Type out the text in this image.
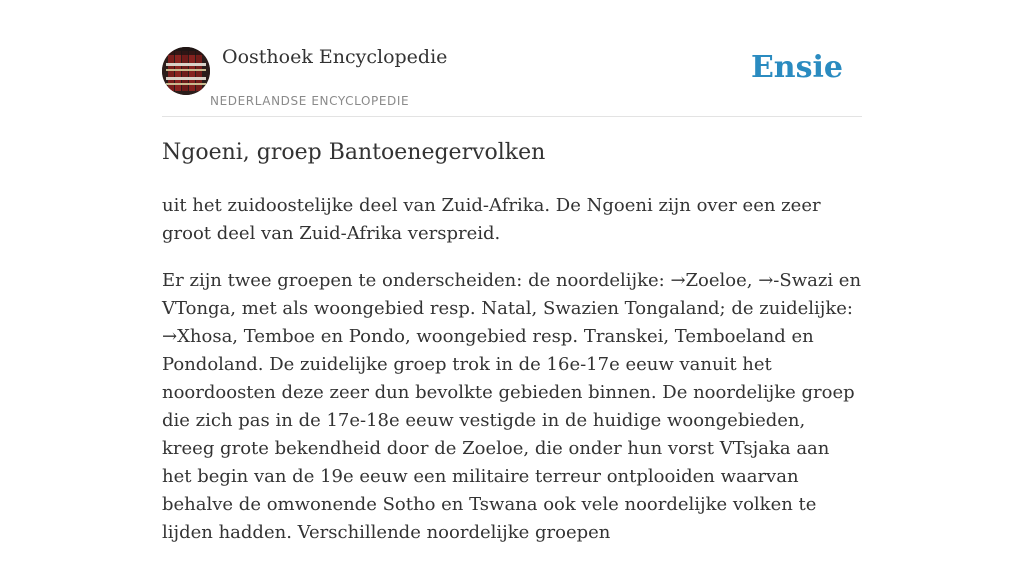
Oosthoek Encyclopedie
NEDERLANDSE ENCYCLOPEDIE
Ensie
Ngoeni, groep Bantoenegervolken

uit het zuidoostelijke deel van Zuid-Afrika. De Ngoeni zijn over een zeer groot deel van Zuid-Afrika verspreid.

Er zijn twee groepen te onderscheiden: de noordelijke: →Zoeloe, →-Swazi en VTonga, met als woongebied resp. Natal, Swazien Tongaland; de zuidelijke: →Xhosa, Temboe en Pondo, woongebied resp. Transkei, Temboeland en Pondoland. De zuidelijke groep trok in de 16e-17e eeuw vanuit het noordoosten deze zeer dun bevolkte gebieden binnen. De noordelijke groep die zich pas in de 17e-18e eeuw vestigde in de huidige woongebieden, kreeg grote bekendheid door de Zoeloe, die onder hun vorst VTsjaka aan het begin van de 19e eeuw een militaire terreur ontplooiden waarvan behalve de omwonende Sotho en Tswana ook vele noordelijke volken te lijden hadden. Verschillende noordelijke groepen
